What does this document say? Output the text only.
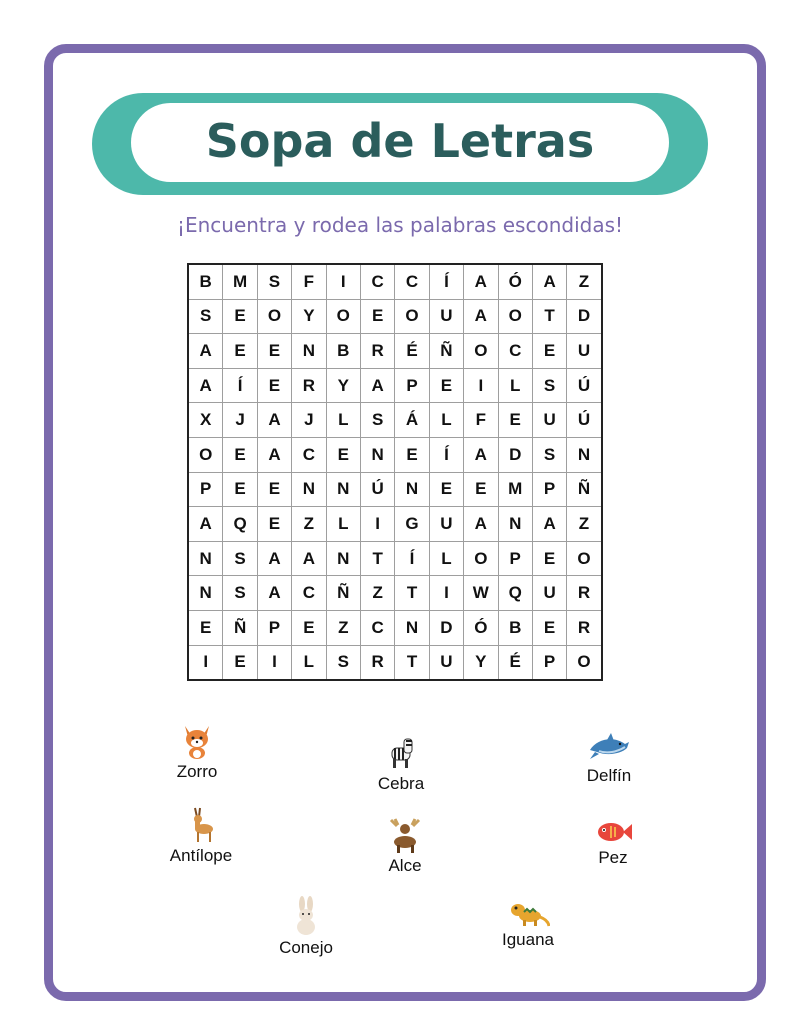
Sopa de Letras
¡Encuentra y rodea las palabras escondidas!
B	M	S	F	I	C	C	Í	A	Ó	A	Z
S	E	O	Y	O	E	O	U	A	O	T	D
A	E	E	N	B	R	É	Ñ	O	C	E	U
A	Í	E	R	Y	A	P	E	I	L	S	Ú
X	J	A	J	L	S	Á	L	F	E	U	Ú
O	E	A	C	E	N	E	Í	A	D	S	N
P	E	E	N	N	Ú	N	E	E	M	P	Ñ
A	Q	E	Z	L	I	G	U	A	N	A	Z
N	S	A	A	N	T	Í	L	O	P	E	O
N	S	A	C	Ñ	Z	T	I	W	Q	U	R
E	Ñ	P	E	Z	C	N	D	Ó	B	E	R
I	E	I	L	S	R	T	U	Y	É	P	O
Zorro
Cebra	Delfín
Antílope
Alce	Pez
Conejo	Iguana
